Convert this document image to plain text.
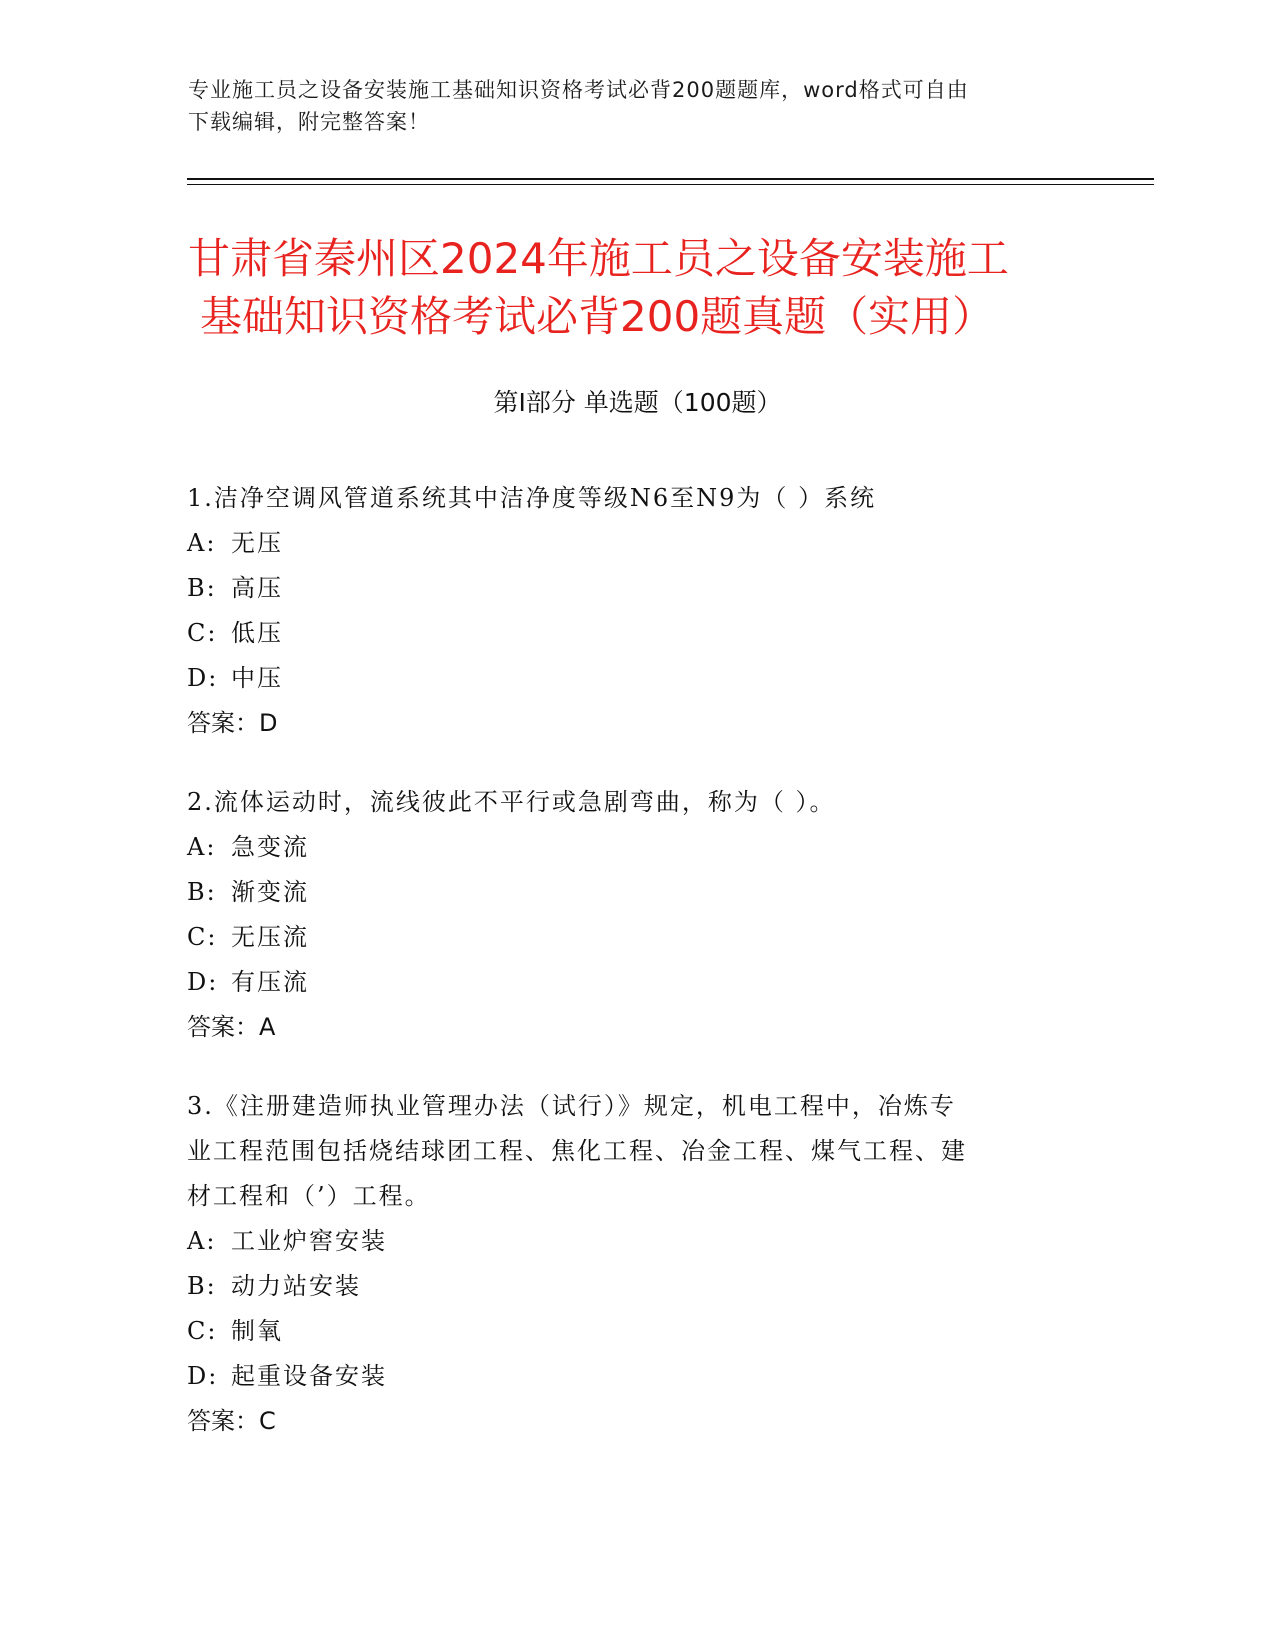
专业施工员之设备安装施工基础知识资格考试必背200题题库，word格式可自由
下载编辑，附完整答案！
甘肃省秦州区2024年施工员之设备安装施工
基础知识资格考试必背200题真题（实用）
第Ⅰ部分 单选题（100题）
1.洁净空调风管道系统其中洁净度等级N6至N9为（ ）系统
A: 无压
B: 高压
C: 低压
D: 中压
答案：D
2.流体运动时，流线彼此不平行或急剧弯曲，称为（ ）。
A: 急变流
B: 渐变流
C: 无压流
D: 有压流
答案：A
3.《注册建造师执业管理办法（试行）》规定，机电工程中，冶炼专
业工程范围包括烧结球团工程、焦化工程、冶金工程、煤气工程、建
材工程和（’）工程。
A: 工业炉窖安装
B: 动力站安装
C: 制氧
D: 起重设备安装
答案：C
